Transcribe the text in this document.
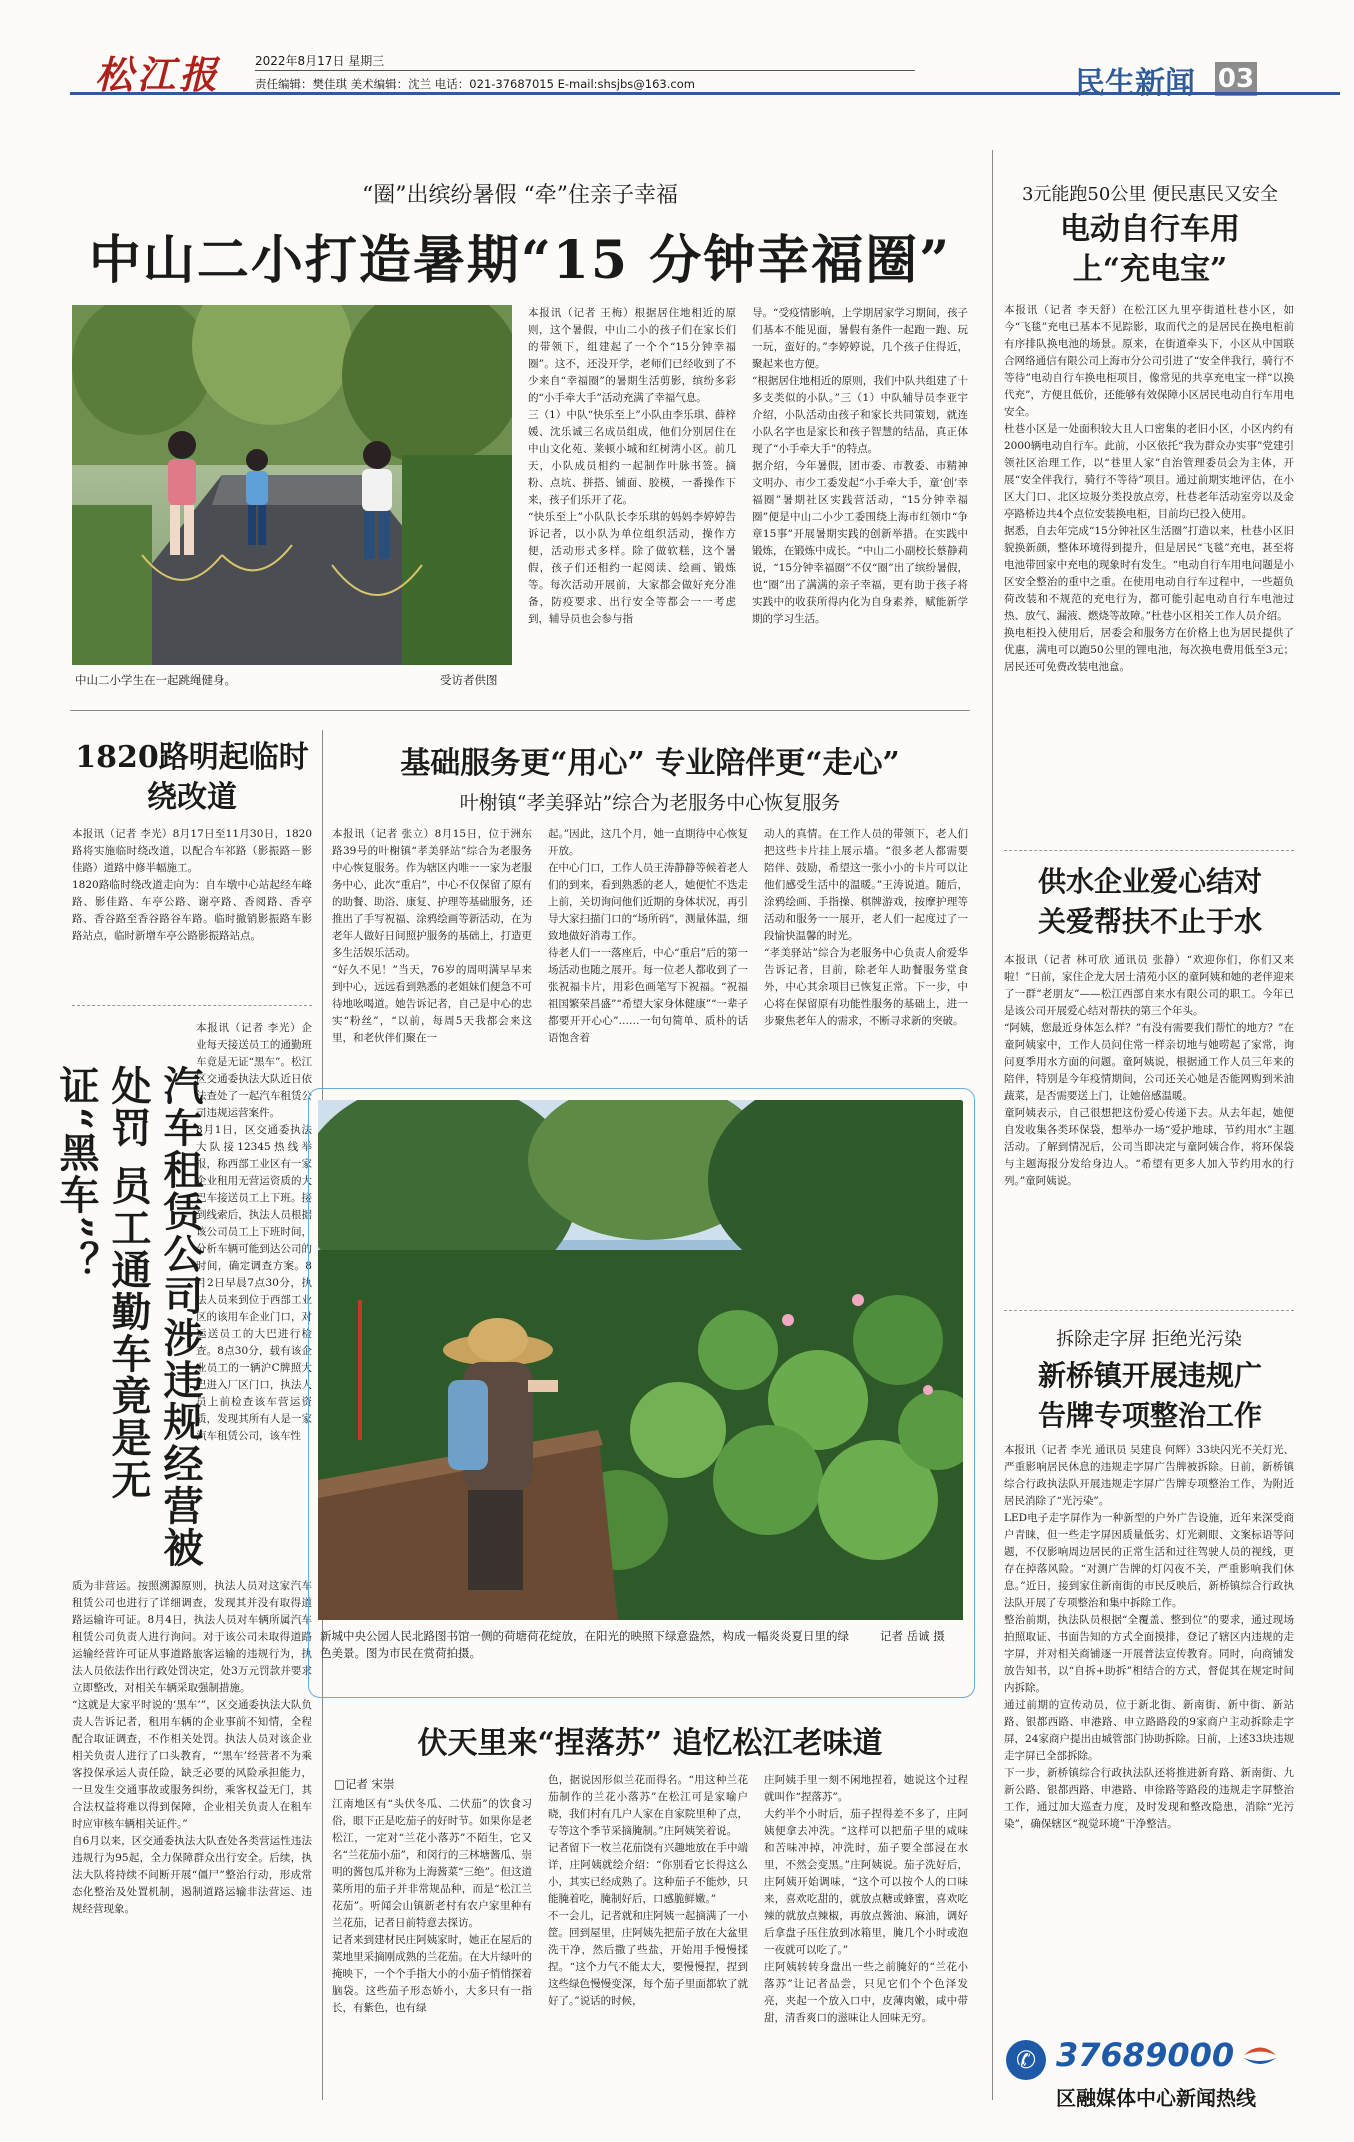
松江报	2022年8月17日 星期三
责任编辑：樊佳琪 美术编辑：沈兰 电话：021-37687015 E-mail:shsjbs@163.com	民生新闻 03
“圈”出缤纷暑假 “牵”住亲子幸福
中山二小打造暑期“15 分钟幸福圈”
中山二小学生在一起跳绳健身。	受访者供图
本报讯（记者 王梅）根据居住地相近的原则，这个暑假，中山二小的孩子们在家长们的带领下，组建起了一个个“15分钟幸福圈”。这不，还没开学，老师们已经收到了不少来自“幸福圈”的暑期生活剪影，缤纷多彩的“小手牵大手”活动充满了幸福气息。
三（1）中队“快乐至上”小队由李乐琪、薛梓媛、沈乐诚三名成员组成，他们分别居住在中山文化苑、莱顿小城和红树湾小区。前几天，小队成员相约一起制作叶脉书签。摘粉、点坑、拼搭、铺面、胶模，一番操作下来，孩子们乐开了花。
“快乐至上”小队队长李乐琪的妈妈李婷婷告诉记者，以小队为单位组织活动，操作方便，活动形式多样。除了做软糕，这个暑假，孩子们还相约一起阅读、绘画、锻炼等。每次活动开展前，大家都会做好充分准备，防疫要求、出行安全等都会一一考虑到，辅导员也会参与指
导。“受疫情影响，上学期居家学习期间，孩子们基本不能见面，暑假有条件一起跑一跑、玩一玩，蛮好的。”李婷婷说，几个孩子住得近，聚起来也方便。
“根据居住地相近的原则，我们中队共组建了十多支类似的小队。”三（1）中队辅导员李亚宇介绍，小队活动由孩子和家长共同策划，就连小队名字也是家长和孩子智慧的结晶，真正体现了“小手牵大手”的特点。
据介绍，今年暑假，团市委、市教委、市精神文明办、市少工委发起“小手牵大手，童‘创’幸福圈”暑期社区实践营活动，“15分钟幸福圈”便是中山二小少工委围绕上海市红领巾“争章15事”开展暑期实践的创新举措。在实践中锻炼，在锻炼中成长。“中山二小副校长蔡静莉说，“15分钟幸福圈”不仅“圈”出了缤纷暑假，也“圈”出了满满的亲子幸福，更有助于孩子将实践中的收获所得内化为自身素养，赋能新学期的学习生活。
1820路明起临时绕改道
本报讯（记者 李光）8月17日至11月30日，1820路将实施临时绕改道，以配合车祁路（影振路－影佳路）道路中修半幅施工。
1820路临时绕改道走向为：自车墩中心站起经车峰路、影佳路、车亭公路、谢亭路、香阅路、香亭路、香谷路至香谷路谷车路。临时撤销影振路车影路站点，临时新增车亭公路影振路站点。
汽车租赁公司涉违规经营被处罚 员工通勤车竟是无证“黑车”？
本报讯（记者 李光）企业每天接送员工的通勤班车竟是无证“黑车”。松江区交通委执法大队近日依法查处了一起汽车租赁公司违规运营案件。
8月1日，区交通委执法大队接12345热线举报，称西部工业区有一家企业租用无营运资质的大巴车接送员工上下班。接到线索后，执法人员根据该公司员工上下班时间，分析车辆可能到达公司的时间，确定调查方案。8月2日早晨7点30分，执法人员来到位于西部工业区的该用车企业门口，对运送员工的大巴进行检查。8点30分，载有该企业员工的一辆沪C牌照大巴进入厂区门口，执法人员上前检查该车营运资质，发现其所有人是一家汽车租赁公司，该车性
质为非营运。按照溯源原则，执法人员对这家汽车租赁公司也进行了详细调查，发现其并没有取得道路运输许可证。8月4日，执法人员对车辆所属汽车租赁公司负责人进行询问。对于该公司未取得道路运输经营许可证从事道路旅客运输的违规行为，执法人员依法作出行政处罚决定，处3万元罚款并要求立即整改，对相关车辆采取强制措施。
“这就是大家平时说的‘黑车’”，区交通委执法大队负责人告诉记者，租用车辆的企业事前不知情，全程配合取证调查，不作相关处罚。执法人员对该企业相关负责人进行了口头教育，“‘黑车’经营者不为乘客投保承运人责任险，缺乏必要的风险承担能力，一旦发生交通事故或服务纠纷，乘客权益无门，其合法权益将难以得到保障，企业相关负责人在租车时应审核车辆相关证件。”
自6月以来，区交通委执法大队查处各类营运性违法违规行为95起，全力保障群众出行安全。后续，执法大队将持续不间断开展“僵尸”整治行动，形成常态化整治及处置机制，遏制道路运输非法营运、违规经营现象。
基础服务更“用心” 专业陪伴更“走心”
叶榭镇“孝美驿站”综合为老服务中心恢复服务
本报讯（记者 张立）8月15日，位于洲东路39号的叶榭镇“孝美驿站”综合为老服务中心恢复服务。作为辖区内唯一一家为老服务中心，此次“重启”，中心不仅保留了原有的助餐、助浴、康复、护理等基础服务，还推出了手写祝福、涂鸦绘画等新活动，在为老年人做好日间照护服务的基础上，打造更多生活娱乐活动。
“好久不见！”当天，76岁的周明满早早来到中心，远远看到熟悉的老姐妹们便急不可待地吆喝道。她告诉记者，自己是中心的忠实“粉丝”，“以前，每周5天我都会来这里，和老伙伴们聚在一
起。”因此，这几个月，她一直期待中心恢复开放。
在中心门口，工作人员王涛静静等候着老人们的到来，看到熟悉的老人，她便忙不迭走上前，关切询问他们近期的身体状况，再引导大家扫描门口的“场所码”，测量体温，细致地做好消毒工作。
待老人们一一落座后，中心“重启”后的第一场活动也随之展开。每一位老人都收到了一张祝福卡片，用彩色画笔写下祝福。“祝福祖国繁荣昌盛”“希望大家身体健康”“一辈子都要开开心心”……一句句简单、质朴的话语饱含着
动人的真情。在工作人员的带领下，老人们把这些卡片挂上展示墙。“很多老人都需要陪伴、鼓励，希望这一张小小的卡片可以让他们感受生活中的温暖。”王涛说道。随后，涂鸦绘画、手指操、棋牌游戏，按摩护理等活动和服务一一展开，老人们一起度过了一段愉快温馨的时光。
“孝美驿站”综合为老服务中心负责人俞爱华告诉记者，目前，除老年人助餐服务堂食外，中心其余项目已恢复正常。下一步，中心将在保留原有功能性服务的基础上，进一步聚焦老年人的需求，不断寻求新的突破。
新城中央公园人民北路图书馆一侧的荷塘荷花绽放，在阳光的映照下绿意盎然，构成一幅炎炎夏日里的绿色美景。图为市民在赏荷拍摄。
记者 岳诚 摄
伏天里来“捏落苏” 追忆松江老味道
□记者 宋崇
江南地区有“头伏冬瓜、二伏茄”的饮食习俗，眼下正是吃茄子的好时节。如果你是老松江，一定对“兰花小落苏”不陌生，它又名“兰花茄小茄”，和闵行的三林塘酱瓜、崇明的酱包瓜并称为上海酱菜“三绝”。但这道菜所用的茄子并非常规品种，而是“松江兰花茄”。听闻会山镇新老村有农户家里种有兰花茄，记者日前特意去探访。
记者来到建材民庄阿姨家时，她正在屋后的菜地里采摘刚成熟的兰花茄。在大片绿叶的掩映下，一个个手指大小的小茄子悄悄探着脑袋。这些茄子形态娇小，大多只有一指长，有紫色，也有绿
色，据说因形似兰花而得名。“用这种兰花茄制作的兰花小落苏”在松江可是家喻户晓，我们村有几户人家在自家院里种了点，专等这个季节采摘腌制。”庄阿姨笑着说。
记者留下一枚兰花茄饶有兴趣地放在手中端详，庄阿姨就绘介绍：“你别看它长得这么小，其实已经成熟了。这种茄子不能炒，只能腌着吃，腌制好后，口感脆鲜嫩。”
不一会儿，记者就和庄阿姨一起摘满了一小筐。回到屋里，庄阿姨先把茄子放在大盆里洗干净，然后撒了些盐，开始用手慢慢揉捏。“这个力气不能太大，要慢慢捏，捏到这些绿色慢慢变深，每个茄子里面都软了就好了。”说话的时候，
庄阿姨手里一刻不闲地捏着，她说这个过程就叫作“捏落苏”。
大约半个小时后，茄子捏得差不多了，庄阿姨便拿去冲洗。“这样可以把茄子里的咸味和苦味冲掉，冲洗时，茄子要全部浸在水里，不然会变黑。”庄阿姨说。茄子洗好后，庄阿姨开始调味，“这个可以按个人的口味来，喜欢吃甜的，就放点糖或蜂蜜，喜欢吃辣的就放点辣椒，再放点酱油、麻油，调好后拿盘子压住放到冰箱里，腌几个小时或泡一夜就可以吃了。”
庄阿姨转转身盘出一些之前腌好的“兰花小落苏”让记者品尝，只见它们个个色泽发亮，夹起一个放入口中，皮薄肉嫩，咸中带甜，清香爽口的滋味让人回味无穷。
3元能跑50公里 便民惠民又安全
电动自行车用上“充电宝”
本报讯（记者 李天舒）在松江区九里亭街道杜巷小区，如今“飞毯”充电已基本不见踪影，取而代之的是居民在换电柜前有序排队换电池的场景。原来，在街道牵头下，小区从中国联合网络通信有限公司上海市分公司引进了“安全伴我行，骑行不等待”电动自行车换电柜项目，像常见的共享充电宝一样“以换代充”，方便且低价，还能够有效保障小区居民电动自行车用电安全。
杜巷小区是一处面积较大且人口密集的老旧小区，小区内约有2000辆电动自行车。此前，小区依托“我为群众办实事”党建引领社区治理工作，以“巷里人家”自治管理委员会为主体，开展“安全伴我行，骑行不等待”项目。通过前期实地评估，在小区大门口、北区垃圾分类投放点旁，杜巷老年活动室旁以及金亭路桥边共4个点位安装换电柜，目前均已投入使用。
据悉，自去年完成“15分钟社区生活圈”打造以来，杜巷小区旧貌换新颜，整体环境得到提升，但是居民“飞毯”充电，甚至将电池带回家中充电的现象时有发生。“电动自行车用电问题是小区安全整治的重中之重。在使用电动自行车过程中，一些超负荷改装和不规范的充电行为，都可能引起电动自行车电池过热、放气、漏液、燃烧等故障。”杜巷小区相关工作人员介绍。
换电柜投入使用后，居委会和服务方在价格上也为居民提供了优惠，满电可以跑50公里的锂电池，每次换电费用低至3元；居民还可免费改装电池盒。
供水企业爱心结对 关爱帮扶不止于水
本报讯（记者 林可欣 通讯员 张静）“欢迎你们，你们又来啦！”日前，家住企龙大居士清苑小区的童阿姨和她的老伴迎来了一群“老朋友”——松江西部自来水有限公司的职工。今年已是该公司开展爱心结对帮扶的第三个年头。
“阿姨，您最近身体怎么样？”有没有需要我们帮忙的地方？”在童阿姨家中，工作人员问住常一样亲切地与她唠起了家常，询问夏季用水方面的问题。童阿姨说，根据通工作人员三年来的陪伴，特别是今年疫情期间，公司还关心她是否能网购到米油蔬菜，是否需要送上门，让她倍感温暖。
童阿姨表示，自己很想把这份爱心传递下去。从去年起，她便自发收集各类环保袋，想举办一场“爱护地球，节约用水”主题活动。了解到情况后，公司当即决定与童阿姨合作，将环保袋与主题海报分发给身边人。“希望有更多人加入节约用水的行列。”童阿姨说。
拆除走字屏 拒绝光污染
新桥镇开展违规广告牌专项整治工作
本报讯（记者 李光 通讯员 吴建良 何辉）33块闪光不关灯光、严重影响居民休息的违规走字屏广告牌被拆除。日前，新桥镇综合行政执法队开展违规走字屏广告牌专项整治工作，为附近居民消除了“光污染”。
LED电子走字屏作为一种新型的户外广告设施，近年来深受商户青睐，但一些走字屏因质量低劣、灯光刺眼、文案标语等问题，不仅影响周边居民的正常生活和过往驾驶人员的视线，更存在掉落风险。“对测广告牌的灯闪夜不关，严重影响我们休息。”近日，接到家住新南街的市民反映后，新桥镇综合行政执法队开展了专项整治和集中拆除工作。
整治前期，执法队员根据“全覆盖、整到位”的要求，通过现场拍照取证、书面告知的方式全面摸排，登记了辖区内违规的走字屏，并对相关商铺逐一开展普法宣传教育。同时，向商铺发放告知书，以“自拆+助拆”相结合的方式，督促其在规定时间内拆除。
通过前期的宣传动员，位于新北街、新南街、新中街、新站路、银都西路、申港路、申立路路段的9家商户主动拆除走字屏，24家商户提出由城管部门协助拆除。日前，上述33块违规走字屏已全部拆除。
下一步，新桥镇综合行政执法队还将推进新育路、新南街、九新公路、银都西路、申港路、申徐路等路段的违规走字屏整治工作，通过加大巡查力度，及时发现和整改隐患，消除“光污染”，确保辖区“视觉环境”干净整洁。
✆ 37689000
区融媒体中心新闻热线
